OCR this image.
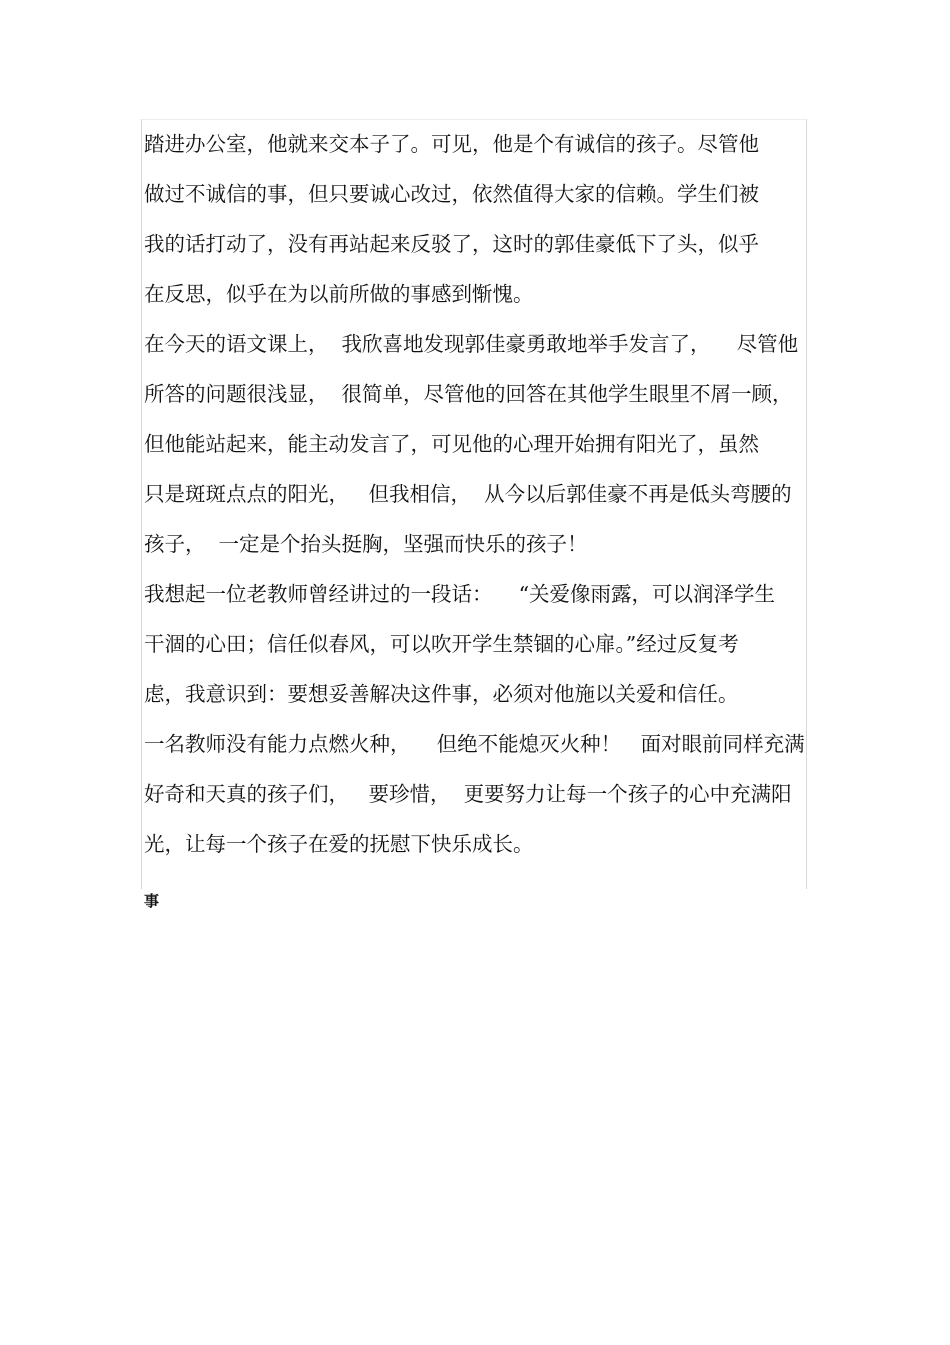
踏进办公室，他就来交本子了。可见，他是个有诚信的孩子。尽管他
做过不诚信的事，但只要诚心改过，依然值得大家的信赖。学生们被
我的话打动了，没有再站起来反驳了，这时的郭佳豪低下了头，似乎
在反思，似乎在为以前所做的事感到惭愧。
在今天的语文课上，  我欣喜地发现郭佳豪勇敢地举手发言了，    尽管他
所答的问题很浅显，  很简单，尽管他的回答在其他学生眼里不屑一顾，
但他能站起来，能主动发言了，可见他的心理开始拥有阳光了，虽然
只是斑斑点点的阳光，   但我相信，  从今以后郭佳豪不再是低头弯腰的
孩子，  一定是个抬头挺胸，坚强而快乐的孩子！
我想起一位老教师曾经讲过的一段话：    “关爱像雨露，可以润泽学生
干涸的心田；信任似春风，可以吹开学生禁锢的心扉。”经过反复考
虑，我意识到：要想妥善解决这件事，必须对他施以关爱和信任。
一名教师没有能力点燃火种，    但绝不能熄灭火种！   面对眼前同样充满
好奇和天真的孩子们，   要珍惜，  更要努力让每一个孩子的心中充满阳
光，让每一个孩子在爱的抚慰下快乐成长。
事
